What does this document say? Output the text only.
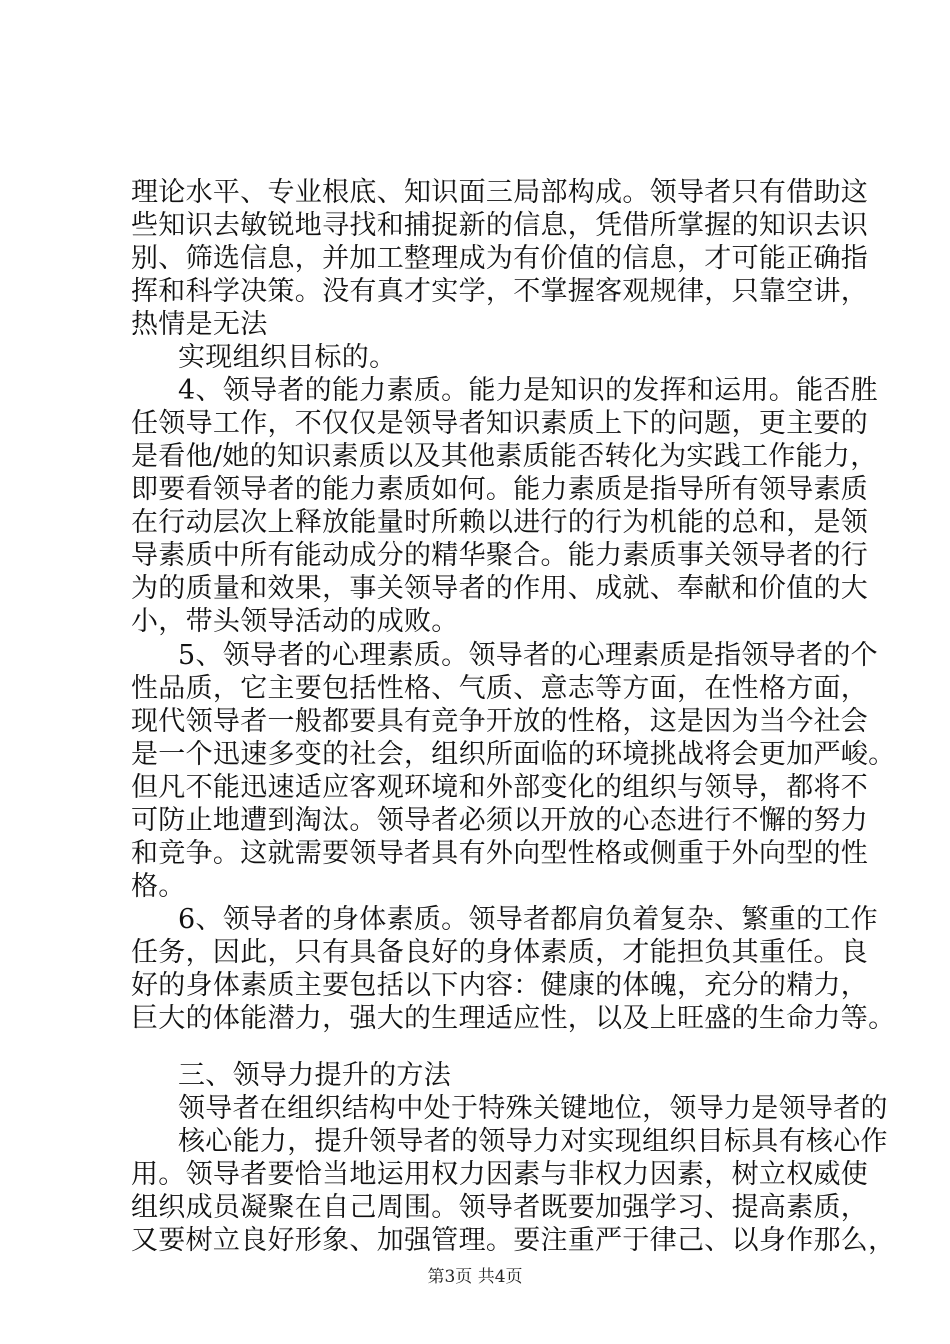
理论水平、专业根底、知识面三局部构成。领导者只有借助这
些知识去敏锐地寻找和捕捉新的信息，凭借所掌握的知识去识
别、筛选信息，并加工整理成为有价值的信息，才可能正确指
挥和科学决策。没有真才实学，不掌握客观规律，只靠空讲，
热情是无法
实现组织目标的。
4、领导者的能力素质。能力是知识的发挥和运用。能否胜
任领导工作，不仅仅是领导者知识素质上下的问题，更主要的
是看他/她的知识素质以及其他素质能否转化为实践工作能力，
即要看领导者的能力素质如何。能力素质是指导所有领导素质
在行动层次上释放能量时所赖以进行的行为机能的总和，是领
导素质中所有能动成分的精华聚合。能力素质事关领导者的行
为的质量和效果，事关领导者的作用、成就、奉献和价值的大
小，带头领导活动的成败。
5、领导者的心理素质。领导者的心理素质是指领导者的个
性品质，它主要包括性格、气质、意志等方面，在性格方面，
现代领导者一般都要具有竞争开放的性格，这是因为当今社会
是一个迅速多变的社会，组织所面临的环境挑战将会更加严峻。
但凡不能迅速适应客观环境和外部变化的组织与领导，都将不
可防止地遭到淘汰。领导者必须以开放的心态进行不懈的努力
和竞争。这就需要领导者具有外向型性格或侧重于外向型的性
格。
6、领导者的身体素质。领导者都肩负着复杂、繁重的工作
任务，因此，只有具备良好的身体素质，才能担负其重任。良
好的身体素质主要包括以下内容：健康的体魄，充分的精力，
巨大的体能潜力，强大的生理适应性，以及上旺盛的生命力等。
三、领导力提升的方法
领导者在组织结构中处于特殊关键地位，领导力是领导者的
核心能力，提升领导者的领导力对实现组织目标具有核心作
用。领导者要恰当地运用权力因素与非权力因素，树立权威使
组织成员凝聚在自己周围。领导者既要加强学习、提高素质，
又要树立良好形象、加强管理。要注重严于律己、以身作那么，
第3页 共4页
